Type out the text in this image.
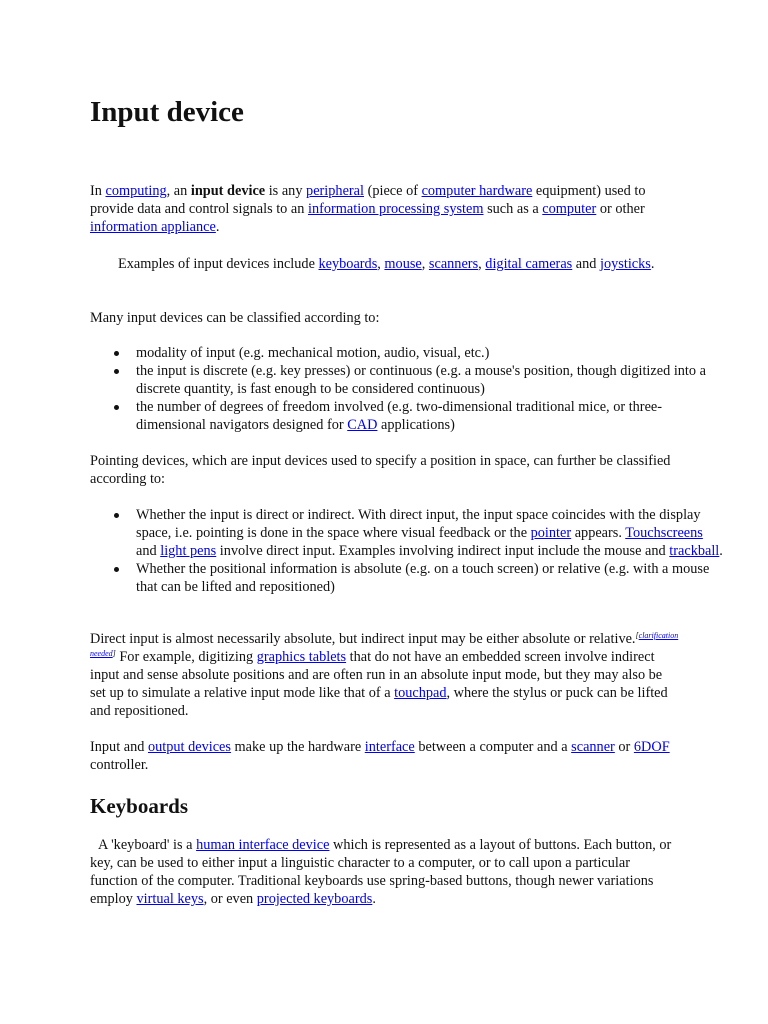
Input device

In computing, an input device is any peripheral (piece of computer hardware equipment) used to provide data and control signals to an information processing system such as a computer or other information appliance.

Examples of input devices include keyboards, mouse, scanners, digital cameras and joysticks.

Many input devices can be classified according to:

modality of input (e.g. mechanical motion, audio, visual, etc.)
the input is discrete (e.g. key presses) or continuous (e.g. a mouse's position, though digitized into a discrete quantity, is fast enough to be considered continuous)
the number of degrees of freedom involved (e.g. two-dimensional traditional mice, or three-dimensional navigators designed for CAD applications)

Pointing devices, which are input devices used to specify a position in space, can further be classified according to:

Whether the input is direct or indirect. With direct input, the input space coincides with the display space, i.e. pointing is done in the space where visual feedback or the pointer appears. Touchscreens and light pens involve direct input. Examples involving indirect input include the mouse and trackball.
Whether the positional information is absolute (e.g. on a touch screen) or relative (e.g. with a mouse that can be lifted and repositioned)

Direct input is almost necessarily absolute, but indirect input may be either absolute or relative.[clarification needed] For example, digitizing graphics tablets that do not have an embedded screen involve indirect input and sense absolute positions and are often run in an absolute input mode, but they may also be set up to simulate a relative input mode like that of a touchpad, where the stylus or puck can be lifted and repositioned.

Input and output devices make up the hardware interface between a computer and a scanner or 6DOF controller.

Keyboards

A 'keyboard' is a human interface device which is represented as a layout of buttons. Each button, or key, can be used to either input a linguistic character to a computer, or to call upon a particular function of the computer. Traditional keyboards use spring-based buttons, though newer variations employ virtual keys, or even projected keyboards.
